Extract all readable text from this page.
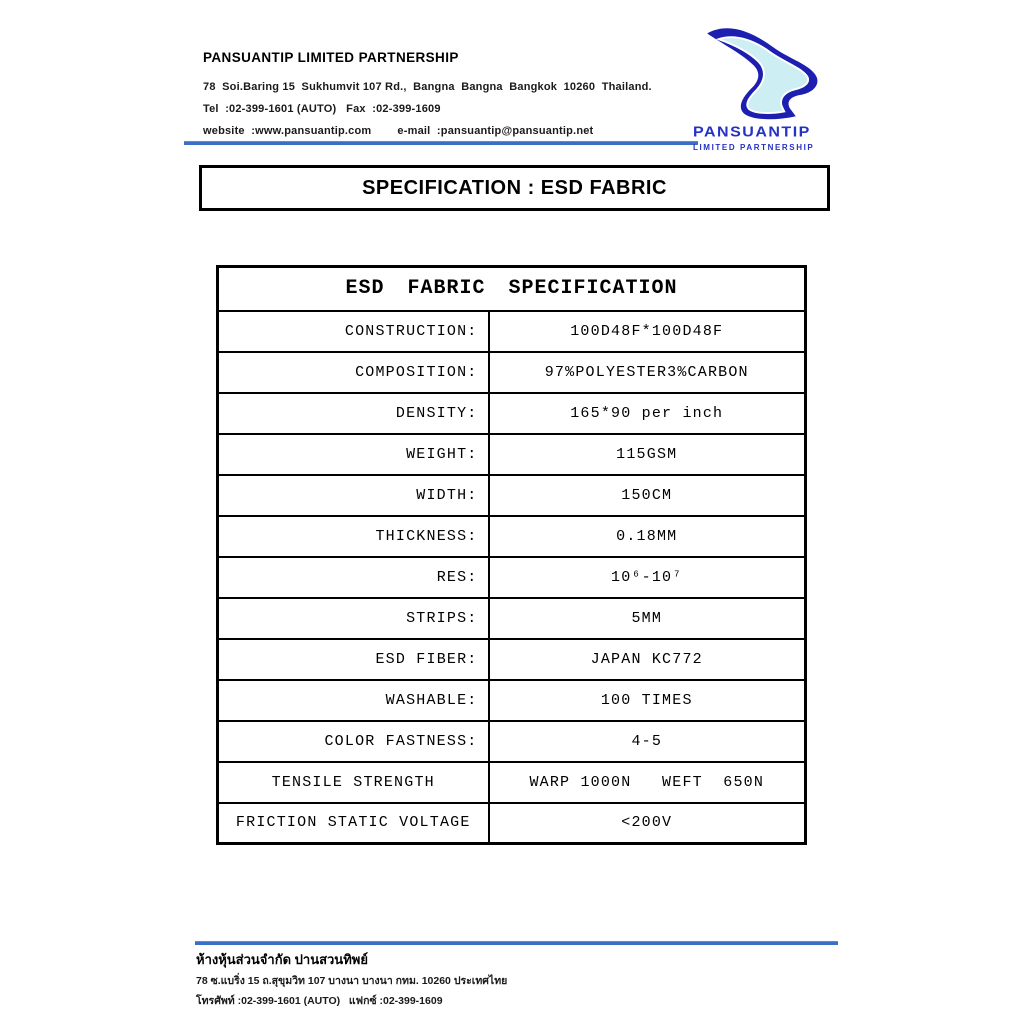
PANSUANTIP LIMITED PARTNERSHIP
78  Soi.Baring 15  Sukhumvit 107 Rd.,  Bangna  Bangna  Bangkok  10260  Thailand.
Tel  :02-399-1601 (AUTO)   Fax  :02-399-1609
website  :www.pansuantip.com        e-mail  :pansuantip@pansuantip.net	PANSUANTIP
LIMITED PARTNERSHIP
SPECIFICATION : ESD FABRIC
ESD FABRIC SPECIFICATION	
CONSTRUCTION:	100D48F*100D48F
COMPOSITION:	97%POLYESTER3%CARBON
DENSITY:	165*90 per inch
WEIGHT:	115GSM
WIDTH:	150CM
THICKNESS:	0.18MM
RES:	10⁶-10⁷
STRIPS:	5MM
ESD FIBER:	JAPAN KC772
WASHABLE:	100 TIMES
COLOR FASTNESS:	4-5
TENSILE STRENGTH	WARP 1000N   WEFT  650N
FRICTION STATIC VOLTAGE	<200V
ห้างหุ้นส่วนจำกัด ปานสวนทิพย์
78 ซ.แบริ่ง 15 ถ.สุขุมวิท 107 บางนา บางนา กทม. 10260 ประเทศไทย
โทรศัพท์ :02-399-1601 (AUTO)   แฟกซ์ :02-399-1609
